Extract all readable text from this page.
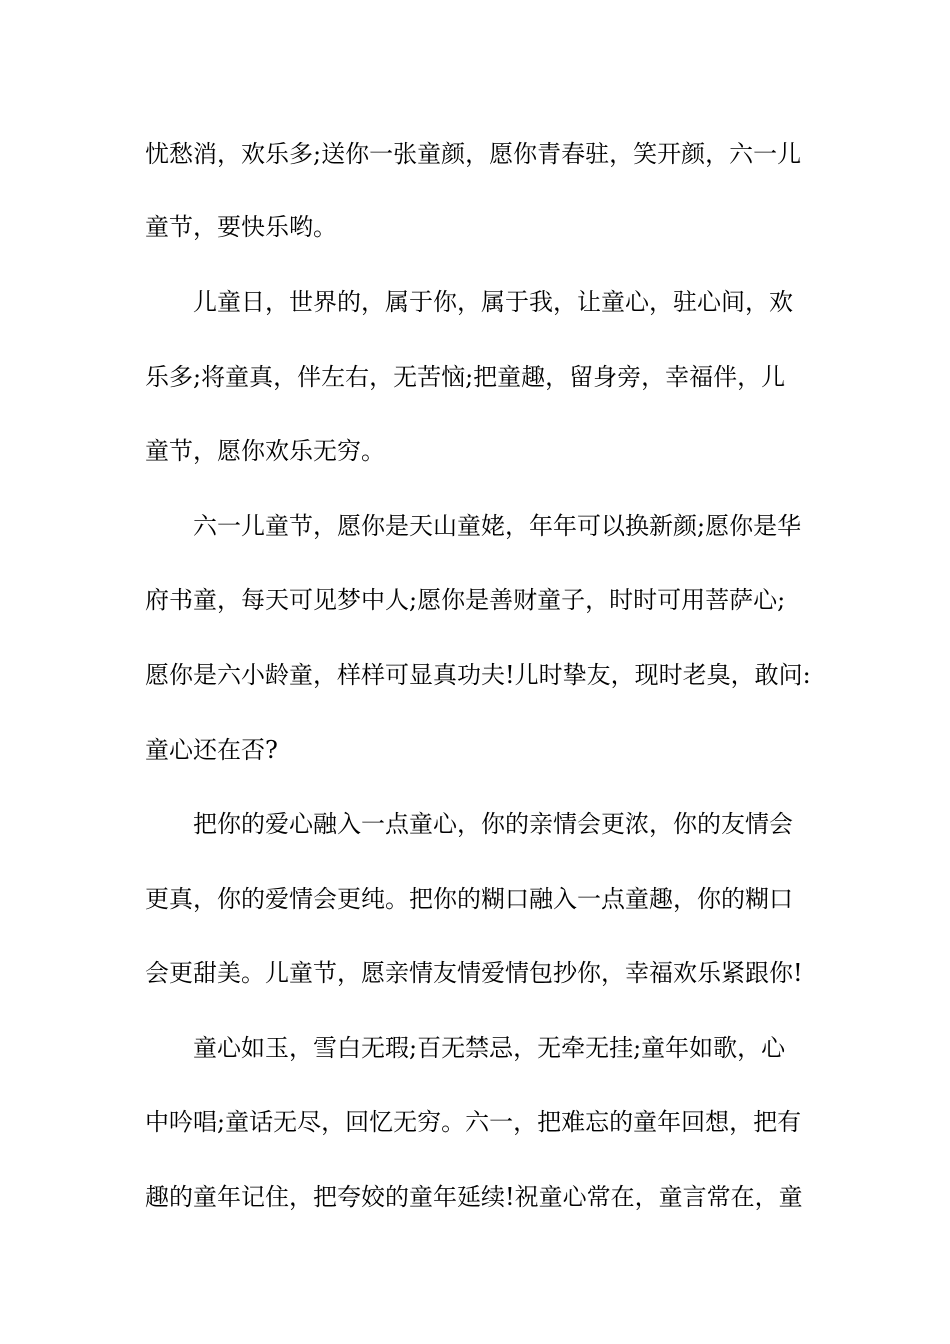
忧愁消，欢乐多;送你一张童颜，愿你青春驻，笑开颜，六一儿
童节，要快乐哟。
儿童日，世界的，属于你，属于我，让童心，驻心间，欢
乐多;将童真，伴左右，无苦恼;把童趣，留身旁，幸福伴，儿
童节，愿你欢乐无穷。
六一儿童节，愿你是天山童姥，年年可以换新颜;愿你是华
府书童，每天可见梦中人;愿你是善财童子，时时可用菩萨心;
愿你是六小龄童，样样可显真功夫!儿时挚友，现时老臭，敢问:
童心还在否?
把你的爱心融入一点童心，你的亲情会更浓，你的友情会
更真，你的爱情会更纯。把你的糊口融入一点童趣，你的糊口
会更甜美。儿童节，愿亲情友情爱情包抄你，幸福欢乐紧跟你!
童心如玉，雪白无瑕;百无禁忌，无牵无挂;童年如歌，心
中吟唱;童话无尽，回忆无穷。六一，把难忘的童年回想，把有
趣的童年记住，把夸姣的童年延续!祝童心常在，童言常在，童
